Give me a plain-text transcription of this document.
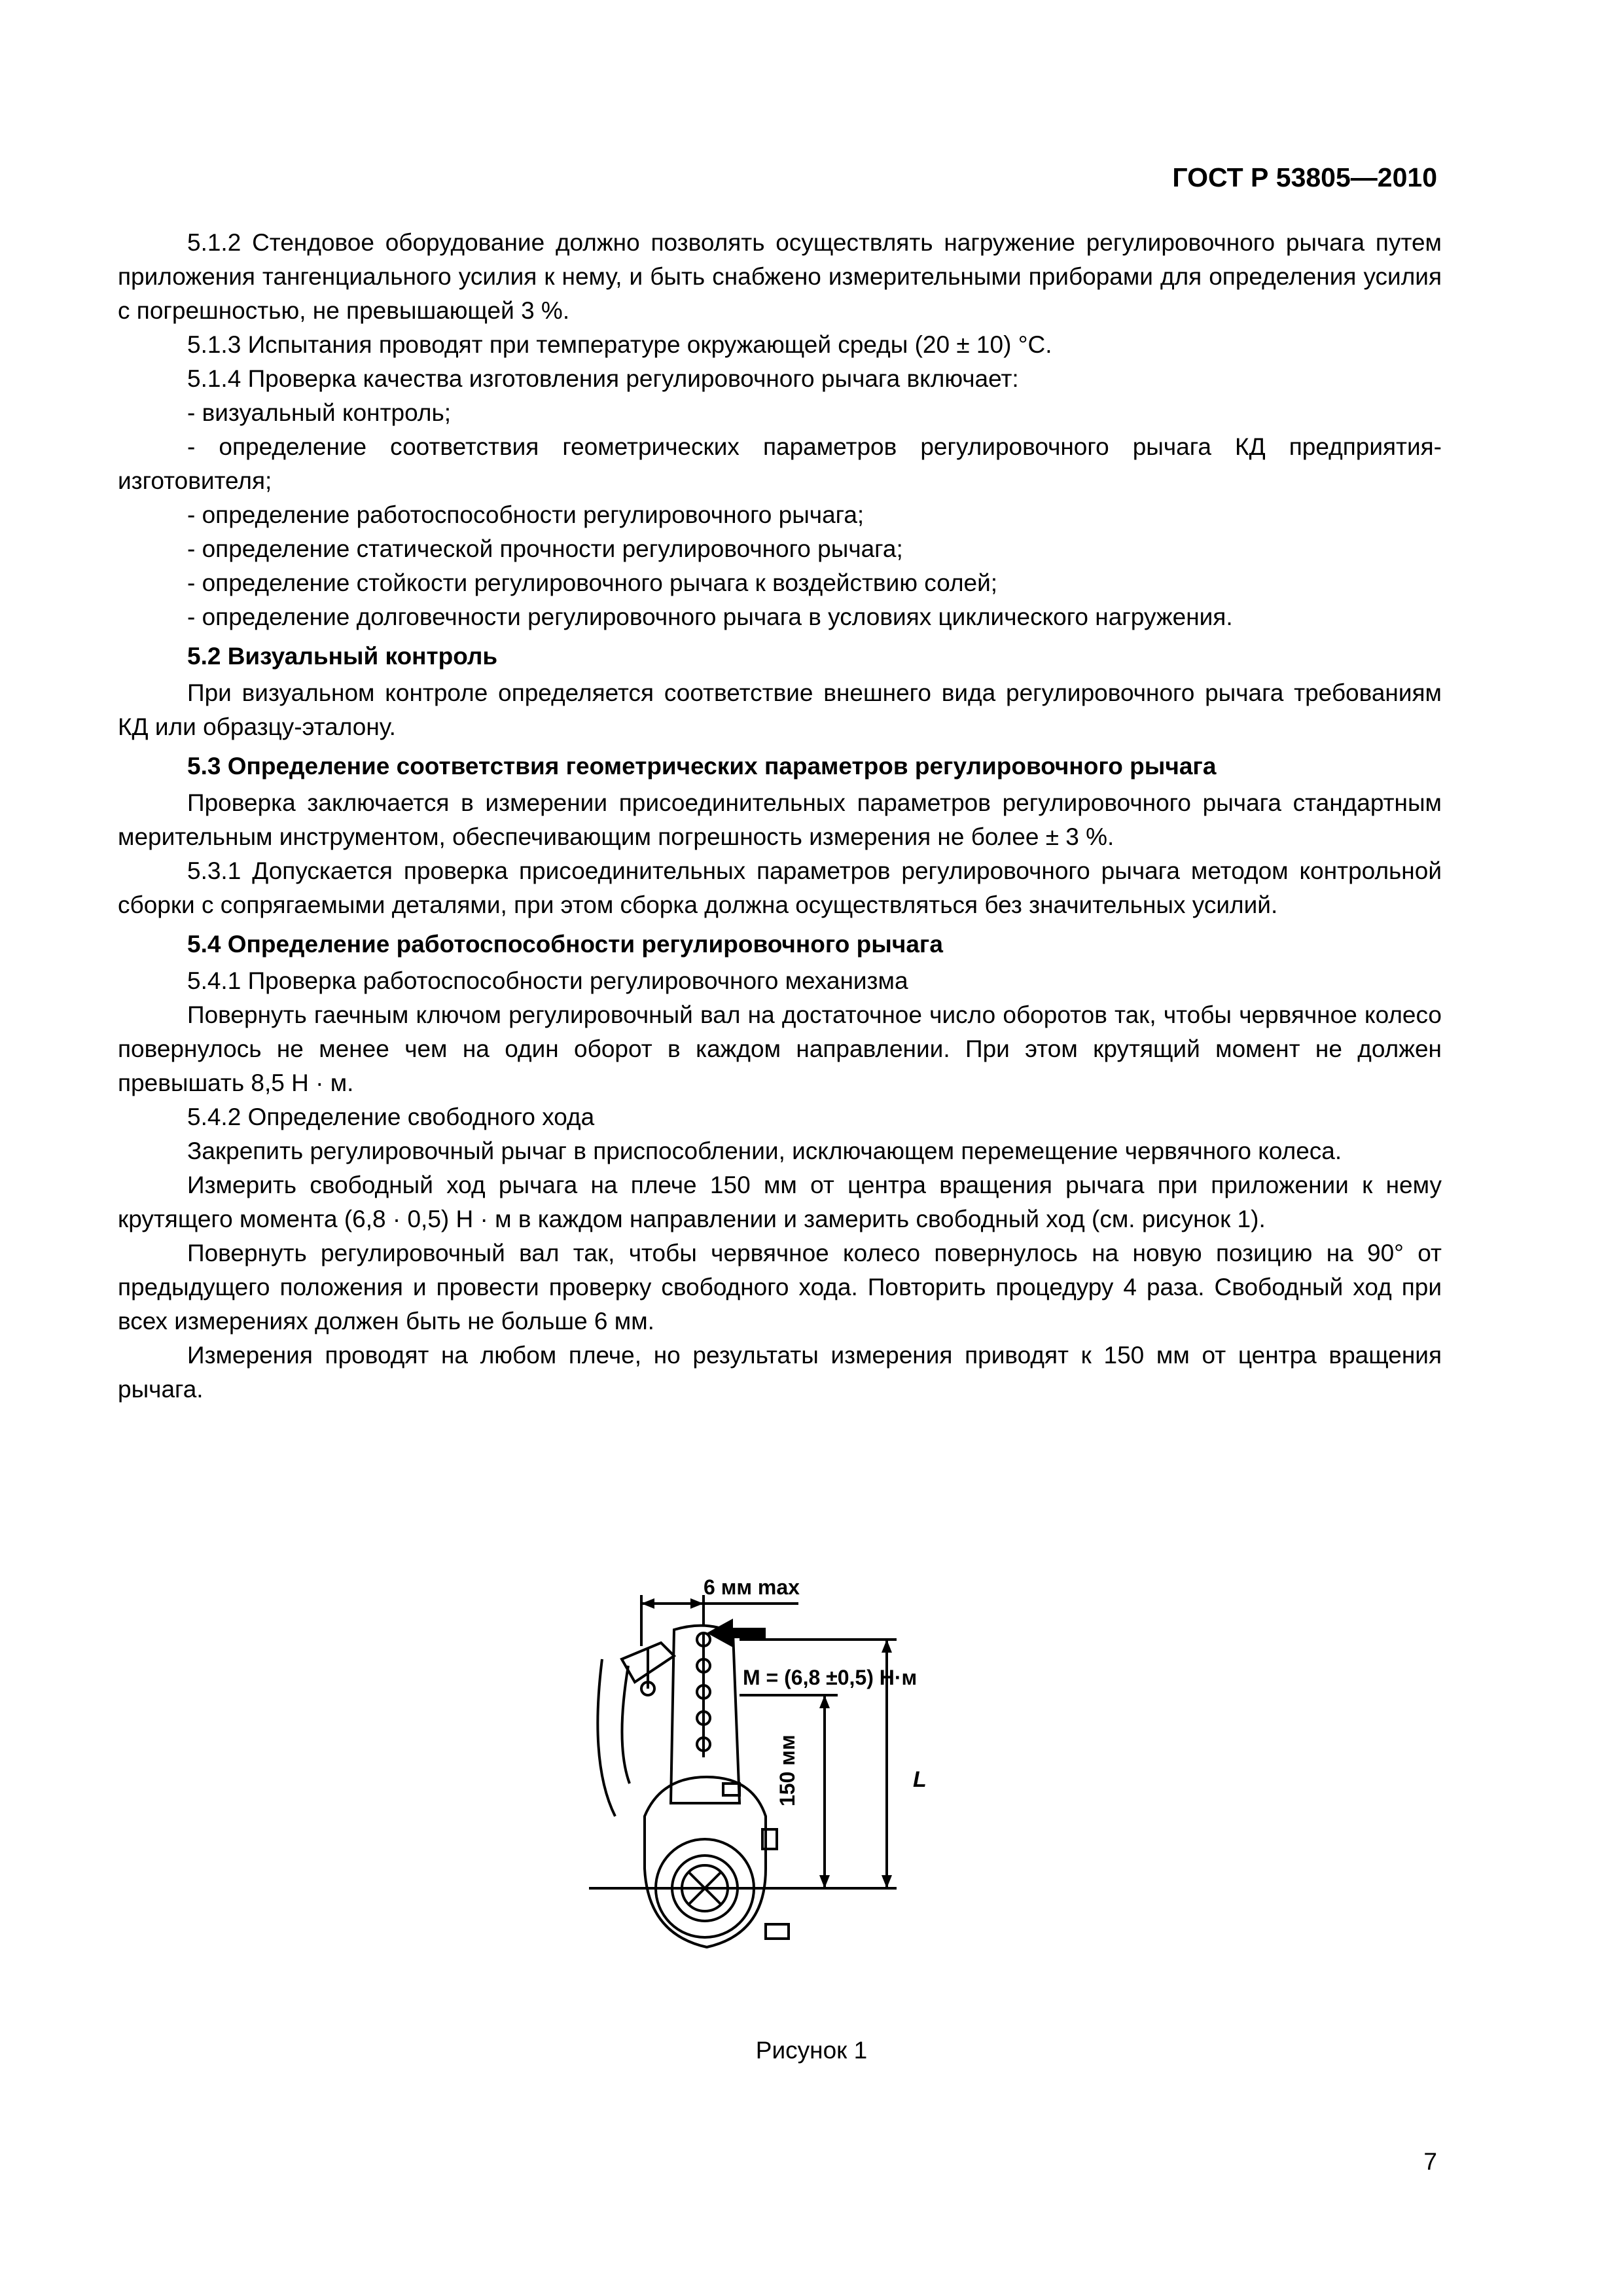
ГОСТ Р 53805—2010

5.1.2 Стендовое оборудование должно позволять осуществлять нагружение регулировочного рычага путем приложения тангенциального усилия к нему, и быть снабжено измерительными приборами для определения усилия с погрешностью, не превышающей 3 %.

5.1.3 Испытания проводят при температуре окружающей среды (20 ± 10) °С.

5.1.4 Проверка качества изготовления регулировочного рычага включает:

- визуальный контроль;

- определение соответствия геометрических параметров регулировочного рычага КД предприятия-изготовителя;

- определение работоспособности регулировочного рычага;

- определение статической прочности регулировочного рычага;

- определение стойкости регулировочного рычага к воздействию солей;

- определение долговечности регулировочного рычага в условиях циклического нагружения.

5.2 Визуальный контроль

При визуальном контроле определяется соответствие внешнего вида регулировочного рычага требованиям КД или образцу-эталону.

5.3 Определение соответствия геометрических параметров регулировочного рычага

Проверка заключается в измерении присоединительных параметров регулировочного рычага стандартным мерительным инструментом, обеспечивающим погрешность измерения не более ± 3 %.

5.3.1 Допускается проверка присоединительных параметров регулировочного рычага методом контрольной сборки с сопрягаемыми деталями, при этом сборка должна осуществляться без значительных усилий.

5.4 Определение работоспособности регулировочного рычага

5.4.1 Проверка работоспособности регулировочного механизма

Повернуть гаечным ключом регулировочный вал на достаточное число оборотов так, чтобы червячное колесо повернулось не менее чем на один оборот в каждом направлении. При этом крутящий момент не должен превышать 8,5 Н · м.

5.4.2 Определение свободного хода

Закрепить регулировочный рычаг в приспособлении, исключающем перемещение червячного колеса.

Измерить свободный ход рычага на плече 150 мм от центра вращения рычага при приложении к нему крутящего момента (6,8 · 0,5) Н · м в каждом направлении и замерить свободный ход (см. рисунок 1).

Повернуть регулировочный вал так, чтобы червячное колесо повернулось на новую позицию на 90° от предыдущего положения и провести проверку свободного хода. Повторить процедуру 4 раза. Свободный ход при всех измерениях должен быть не больше 6 мм.

Измерения проводят на любом плече, но результаты измерения приводят к 150 мм от центра вращения рычага.

6 мм max
M = (6,8 ±0,5) Н·м
150 мм	L
Рисунок 1
7
